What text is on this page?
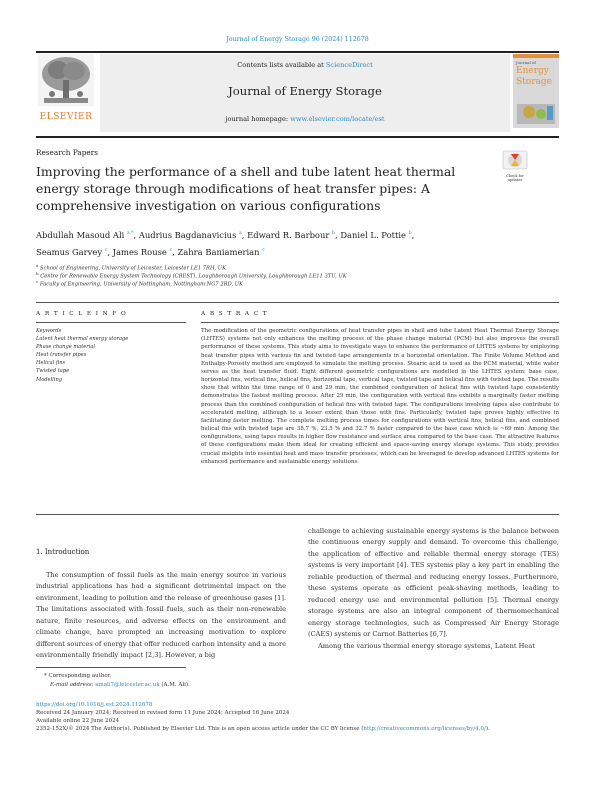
Journal of Energy Storage 96 (2024) 112678
ELSEVIER
Contents lists available at ScienceDirect
Journal of Energy Storage
journal homepage: www.elsevier.com/locate/est
Journal of
Energy
Storage
Research Papers
Improving the performance of a shell and tube latent heat thermal energy storage through modifications of heat transfer pipes: A comprehensive investigation on various configurations
Check for
updates
Abdullah Masoud Ali $^{a,*}$, Audrius Bagdanavicius $^a$, Edward R. Barbour $^b$, Daniel L. Pottie $^b$,
Seamus Garvey $^c$, James Rouse $^c$, Zahra Baniamerian $^c$
$^a$ School of Engineering, University of Leicester, Leicester LE1 7RH, UK
$^b$ Centre for Renewable Energy System Technology (CREST), Loughborough University, Loughborough LE11 3TU, UK
$^c$ Faculty of Engineering, University of Nottingham, Nottingham NG7 2RD, UK
A R T I C L E I N F O	A B S T R A C T
Keywords
Latent heat thermal energy storage
Phase change material
Heat transfer pipes
Helical fins
Twisted tape
Modelling
The modification of the geometric configurations of heat transfer pipes in shell and tube Latent Heat Thermal Energy Storage (LHTES) systems not only enhances the melting process of the phase change material (PCM) but also improves the overall performance of these systems. This study aims to investigate ways to enhance the performance of LHTES systems by employing heat transfer pipes with various fin and twisted tape arrangements in a horizontal orientation. The Finite Volume Method and Enthalpy-Porosity method are employed to simulate the melting process. Stearic acid is used as the PCM material, while water serves as the heat transfer fluid. Eight different geometric configurations are modelled in the LHTES system: base case, horizontal fins, vertical fins, helical fins, horizontal tape, vertical tape, twisted tape and helical fins with twisted tape. The results show that within the time range of 0 and 29 min, the combined configuration of helical fins with twisted tape consistently demonstrates the fastest melting process. After 29 min, the configuration with vertical fins exhibits a marginally faster melting process than the combined configuration of helical fins with twisted tape. The configurations involving tapes also contribute to accelerated melting, although to a lesser extent than those with fins. Particularly, twisted tape proves highly effective in facilitating faster melting. The complete melting process times for configurations with vertical fins, helical fins, and combined helical fins with twisted tape are 38.7 %, 23.5 % and 32.7 % faster compared to the base case which is ~69 min. Among the configurations, using tapes results in higher flow resistance and surface area compared to the base case. The attractive features of these configurations make them ideal for creating efficient and space-saving energy storage systems. This study provides crucial insights into essential heat and mass transfer processes, which can be leveraged to develop advanced LHTES systems for enhanced performance and sustainable energy solutions.
1. Introduction

The consumption of fossil fuels as the main energy source in various industrial applications has had a significant detrimental impact on the environment, leading to pollution and the release of greenhouse gases [1]. The limitations associated with fossil fuels, such as their non-renewable nature, finite resources, and adverse effects on the environment and climate change, have prompted an increasing motivation to explore different sources of energy that offer reduced carbon intensity and a more environmentally friendly impact [2,3]. However, a big

challenge to achieving sustainable energy systems is the balance between the continuous energy supply and demand. To overcome this challenge, the application of effective and reliable thermal energy storage (TES) systems is very important [4]. TES systems play a key part in enabling the reliable production of thermal and reducing energy losses. Furthermore, these systems operate as efficient peak-shaving methods, leading to reduced energy use and environmental pollution [5]. Thermal energy storage systems are also an integral component of thermomechanical energy storage technologies, such as Compressed Air Energy Storage (CAES) systems or Carnot Batteries [6,7].

Among the various thermal energy storage systems, Latent Heat

* Corresponding author.
E-mail address: amali7@leicester.ac.uk (A.M. Ali).
https://doi.org/10.1016/j.est.2024.112678
Received 24 January 2024; Received in revised form 11 June 2024; Accepted 16 June 2024
Available online 22 June 2024
2352-152X/© 2024 The Author(s). Published by Elsevier Ltd. This is an open access article under the CC BY license (http://creativecommons.org/licenses/by/4.0/).
